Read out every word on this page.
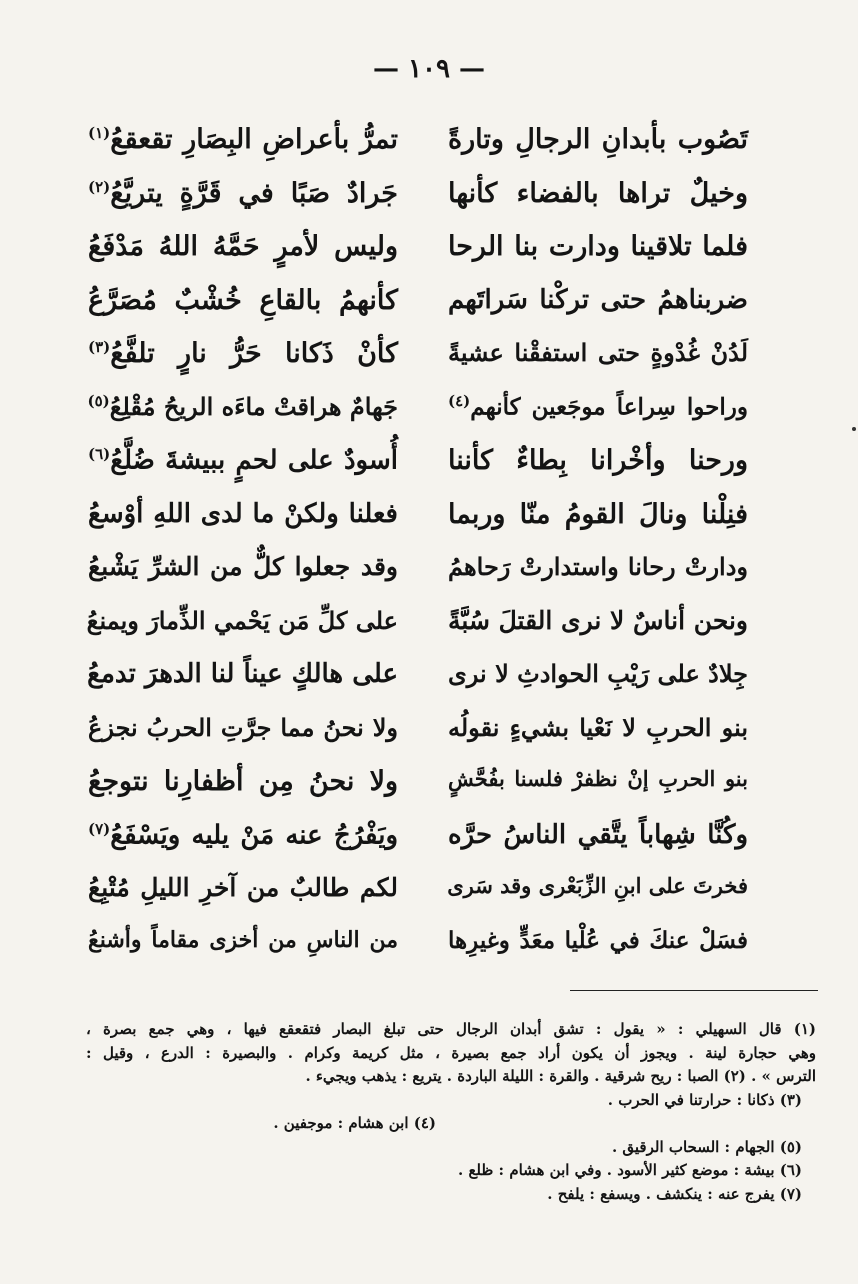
— ١٠٩ —
تَصُوب بأبدانِ الرجالِ وتارةً
تمرُّ بأعراضِ البِصَارِ تقعقعُ$^{(١)}$
وخيلٌ تراها بالفضاء كأنها
جَرادٌ صَبًا في قَرَّةٍ يتريَّعُ$^{(٢)}$
فلما تلاقينا ودارت بنا الرحا
وليس لأمرٍ حَمَّهُ اللهُ مَدْفَعُ
ضربناهمُ حتى تركْنا سَراتَهم
كأنهمُ بالقاعِ خُشْبٌ مُصَرَّعُ
لَدُنْ غُدْوةٍ حتى استفقْنا عشيةً
كأنْ ذَكانا حَرُّ نارٍ تلفَّعُ$^{(٣)}$
وراحوا سِراعاً موجَعين كأنهم$^{(٤)}$
جَهامٌ هراقتْ ماءَه الريحُ مُقْلِعُ$^{(٥)}$
ورحنا وأخْرانا بِطاءٌ كأننا
أُسودٌ على لحمٍ ببيشةَ ضُلَّعُ$^{(٦)}$
فنِلْنا ونالَ القومُ منّا وربما
فعلنا ولكنْ ما لدى اللهِ أوْسعُ
ودارتْ رحانا واستدارتْ رَحاهمُ
وقد جعلوا كلٌّ من الشرِّ يَشْبعُ
ونحن أناسٌ لا نرى القتلَ سُبَّةً
على كلِّ مَن يَحْمي الذِّمارَ ويمنعُ
جِلادٌ على رَيْبِ الحوادثِ لا نرى
على هالكٍ عيناً لنا الدهرَ تدمعُ
بنو الحربِ لا نَعْيا بشيءٍ نقولُه
ولا نحنُ مما جرَّتِ الحربُ نجزعُ
بنو الحربِ إنْ نظفرْ فلسنا بفُحَّشٍ
ولا نحنُ مِن أظفارِنا نتوجعُ
وكُنَّا شِهاباً يتَّقي الناسُ حرَّه
ويَفْرُجُ عنه مَنْ يليه ويَسْفَعُ$^{(٧)}$
فخرتَ على ابنِ الزِّبَعْرى وقد سَرى
لكم طالبٌ من آخرِ الليلِ مُتْبِعُ
فسَلْ عنكَ في عُلْيا معَدٍّ وغيرِها
من الناسِ من أخزى مقاماً وأشنعُ
(١) قال السهيلي : « يقول : تشق أبدان الرجال حتى تبلغ البصار فتقعقع فيها ، وهي جمع بصرة ،
وهي حجارة لينة . ويجوز أن يكون أراد جمع بصيرة ، مثل كريمة وكرام . والبصيرة : الدرع ، وقيل :
الترس » . (٢) الصبا : ريح شرقية . والقرة : الليلة الباردة . يتريع : يذهب ويجيء .
(٣) ذكانا : حرارتنا في الحرب .
(٤) ابن هشام : موجفين .
(٥) الجهام : السحاب الرقيق .
(٦) بيشة : موضع كثير الأسود . وفي ابن هشام : ظلع .
(٧) يفرج عنه : ينكشف . ويسفع : يلفح .
